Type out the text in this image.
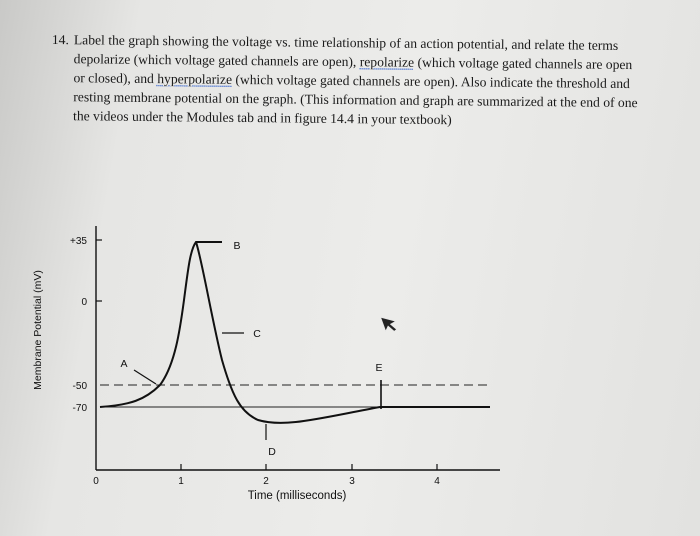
14. Label the graph showing the voltage vs. time relationship of an action potential, and relate the terms depolarize (which voltage gated channels are open), repolarize (which voltage gated channels are open or closed), and hyperpolarize (which voltage gated channels are open). Also indicate the threshold and resting membrane potential on the graph. (This information and graph are summarized at the end of one the videos under the Modules tab and in figure 14.4 in your textbook)
Membrane Potential (mV)
Time (milliseconds)
+35
0
-50
-70
0	1	2	3	4
A
B
C
D
E
